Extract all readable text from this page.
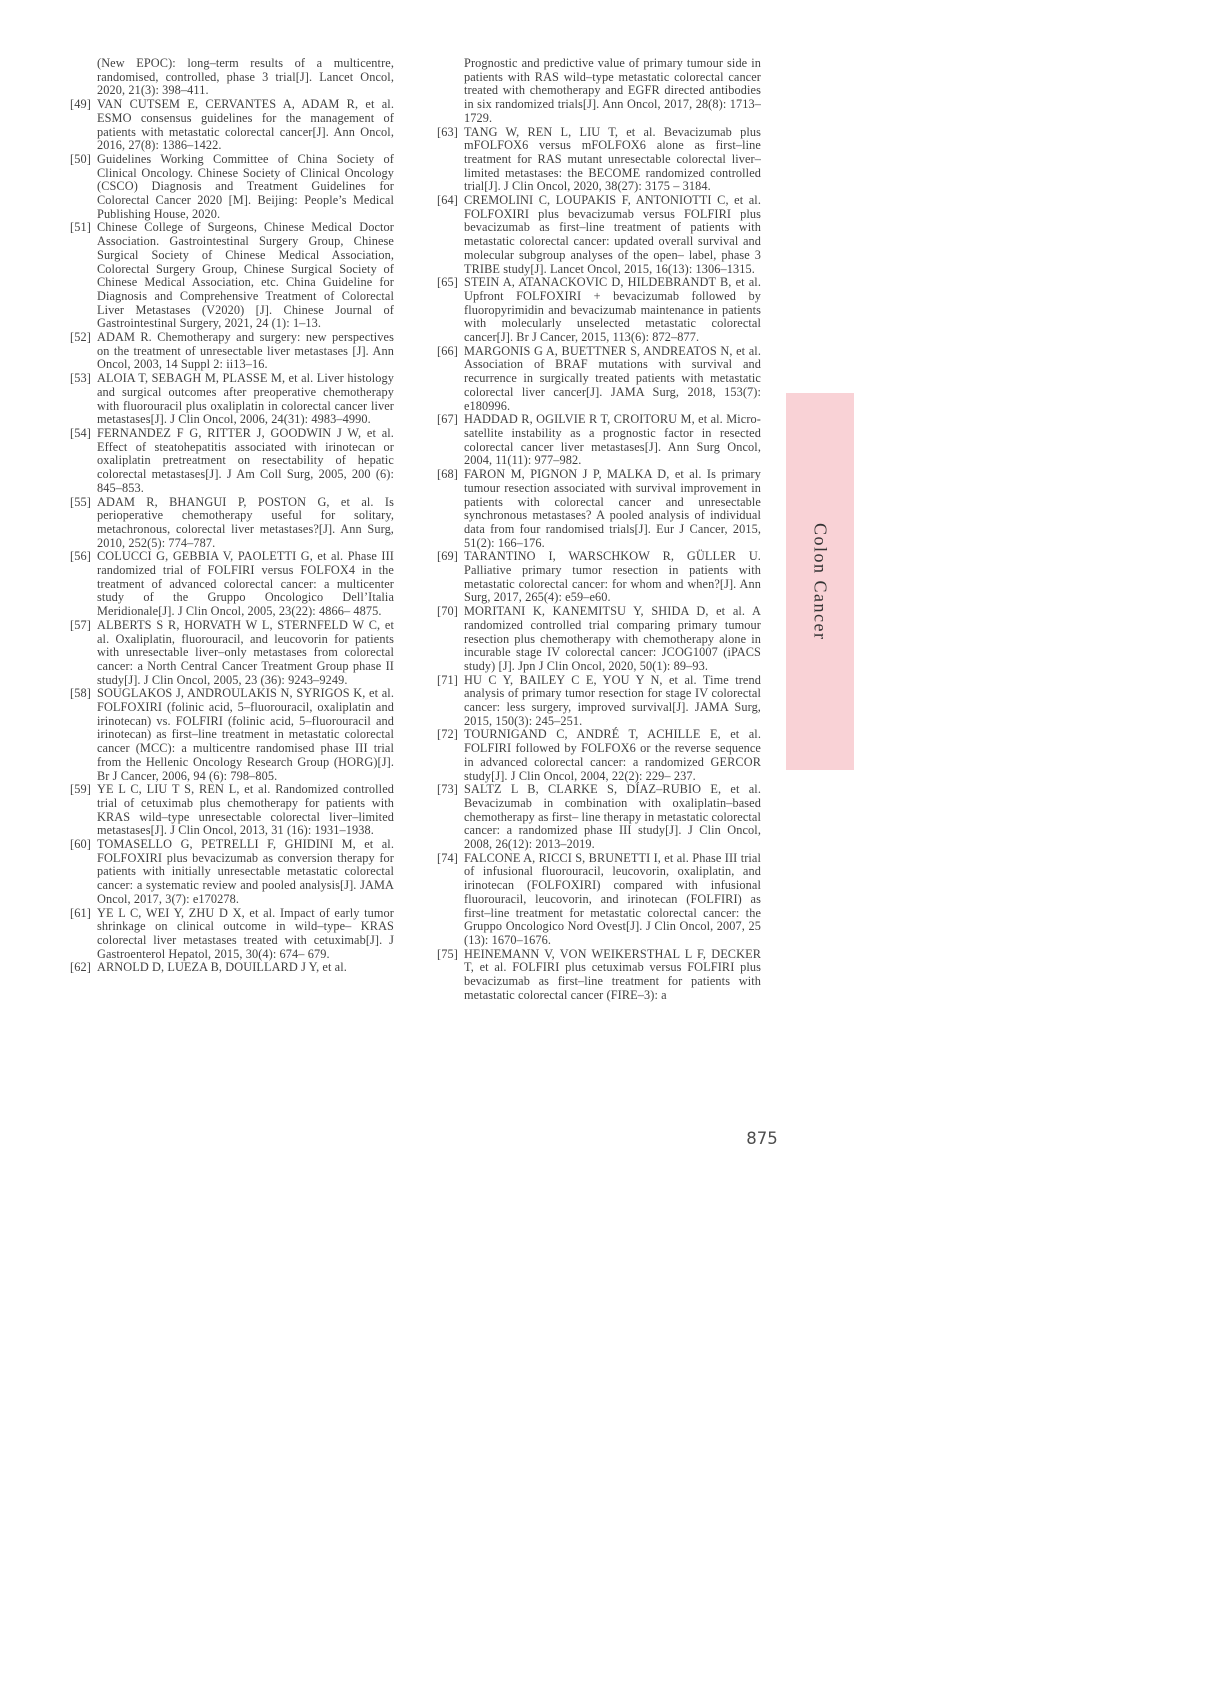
(New EPOC): long–term results of a multicentre, randomised, controlled, phase 3 trial[J]. Lancet Oncol, 2020, 21(3): 398–411.

[49] VAN CUTSEM E, CERVANTES A, ADAM R, et al. ESMO consensus guidelines for the management of patients with metastatic colorectal cancer[J]. Ann Oncol, 2016, 27(8): 1386–1422.

[50] Guidelines Working Committee of China Society of Clinical Oncology. Chinese Society of Clinical Oncology (CSCO) Diagnosis and Treatment Guidelines for Colorectal Cancer 2020 [M]. Beijing: People’s Medical Publishing House, 2020.

[51] Chinese College of Surgeons, Chinese Medical Doctor Association. Gastrointestinal Surgery Group, Chinese Surgical Society of Chinese Medical Association, Colorectal Surgery Group, Chinese Surgical Society of Chinese Medical Association, etc. China Guideline for Diagnosis and Comprehensive Treatment of Colorectal Liver Metastases (V2020) [J]. Chinese Journal of Gastrointestinal Surgery, 2021, 24 (1): 1–13.

[52] ADAM R. Chemotherapy and surgery: new perspectives on the treatment of unresectable liver metastases [J]. Ann Oncol, 2003, 14 Suppl 2: ii13–16.

[53] ALOIA T, SEBAGH M, PLASSE M, et al. Liver histology and surgical outcomes after preoperative chemotherapy with fluorouracil plus oxaliplatin in colorectal cancer liver metastases[J]. J Clin Oncol, 2006, 24(31): 4983–4990.

[54] FERNANDEZ F G, RITTER J, GOODWIN J W, et al. Effect of steatohepatitis associated with irinotecan or oxaliplatin pretreatment on resectability of hepatic colorectal metastases[J]. J Am Coll Surg, 2005, 200 (6): 845–853.

[55] ADAM R, BHANGUI P, POSTON G, et al. Is perioperative chemotherapy useful for solitary, metachronous, colorectal liver metastases?[J]. Ann Surg, 2010, 252(5): 774–787.

[56] COLUCCI G, GEBBIA V, PAOLETTI G, et al. Phase III randomized trial of FOLFIRI versus FOLFOX4 in the treatment of advanced colorectal cancer: a multicenter study of the Gruppo Oncologico Dell’Italia Meridionale[J]. J Clin Oncol, 2005, 23(22): 4866– 4875.

[57] ALBERTS S R, HORVATH W L, STERNFELD W C, et al. Oxaliplatin, fluorouracil, and leucovorin for patients with unresectable liver–only metastases from colorectal cancer: a North Central Cancer Treatment Group phase II study[J]. J Clin Oncol, 2005, 23 (36): 9243–9249.

[58] SOUGLAKOS J, ANDROULAKIS N, SYRIGOS K, et al. FOLFOXIRI (folinic acid, 5–fluorouracil, oxaliplatin and irinotecan) vs. FOLFIRI (folinic acid, 5–fluorouracil and irinotecan) as first–line treatment in metastatic colorectal cancer (MCC): a multicentre randomised phase III trial from the Hellenic Oncology Research Group (HORG)[J]. Br J Cancer, 2006, 94 (6): 798–805.

[59] YE L C, LIU T S, REN L, et al. Randomized controlled trial of cetuximab plus chemotherapy for patients with KRAS wild–type unresectable colorectal liver–limited metastases[J]. J Clin Oncol, 2013, 31 (16): 1931–1938.

[60] TOMASELLO G, PETRELLI F, GHIDINI M, et al. FOLFOXIRI plus bevacizumab as conversion therapy for patients with initially unresectable metastatic colorectal cancer: a systematic review and pooled analysis[J]. JAMA Oncol, 2017, 3(7): e170278.

[61] YE L C, WEI Y, ZHU D X, et al. Impact of early tumor shrinkage on clinical outcome in wild–type– KRAS colorectal liver metastases treated with cetuximab[J]. J Gastroenterol Hepatol, 2015, 30(4): 674– 679.

[62] ARNOLD D, LUEZA B, DOUILLARD J Y, et al.

Prognostic and predictive value of primary tumour side in patients with RAS wild–type metastatic colorectal cancer treated with chemotherapy and EGFR directed antibodies in six randomized trials[J]. Ann Oncol, 2017, 28(8): 1713–1729.

[63] TANG W, REN L, LIU T, et al. Bevacizumab plus mFOLFOX6 versus mFOLFOX6 alone as first–line treatment for RAS mutant unresectable colorectal liver–limited metastases: the BECOME randomized controlled trial[J]. J Clin Oncol, 2020, 38(27): 3175 – 3184.

[64] CREMOLINI C, LOUPAKIS F, ANTONIOTTI C, et al. FOLFOXIRI plus bevacizumab versus FOLFIRI plus bevacizumab as first–line treatment of patients with metastatic colorectal cancer: updated overall survival and molecular subgroup analyses of the open– label, phase 3 TRIBE study[J]. Lancet Oncol, 2015, 16(13): 1306–1315.

[65] STEIN A, ATANACKOVIC D, HILDEBRANDT B, et al. Upfront FOLFOXIRI + bevacizumab followed by fluoropyrimidin and bevacizumab maintenance in patients with molecularly unselected metastatic colorectal cancer[J]. Br J Cancer, 2015, 113(6): 872–877.

[66] MARGONIS G A, BUETTNER S, ANDREATOS N, et al. Association of BRAF mutations with survival and recurrence in surgically treated patients with metastatic colorectal liver cancer[J]. JAMA Surg, 2018, 153(7): e180996.

[67] HADDAD R, OGILVIE R T, CROITORU M, et al. Micro- satellite instability as a prognostic factor in resected colorectal cancer liver metastases[J]. Ann Surg Oncol, 2004, 11(11): 977–982.

[68] FARON M, PIGNON J P, MALKA D, et al. Is primary tumour resection associated with survival improvement in patients with colorectal cancer and unresectable synchronous metastases? A pooled analysis of individual data from four randomised trials[J]. Eur J Cancer, 2015, 51(2): 166–176.

[69] TARANTINO I, WARSCHKOW R, GÜLLER U. Palliative primary tumor resection in patients with metastatic colorectal cancer: for whom and when?[J]. Ann Surg, 2017, 265(4): e59–e60.

[70] MORITANI K, KANEMITSU Y, SHIDA D, et al. A randomized controlled trial comparing primary tumour resection plus chemotherapy with chemotherapy alone in incurable stage IV colorectal cancer: JCOG1007 (iPACS study) [J]. Jpn J Clin Oncol, 2020, 50(1): 89–93.

[71] HU C Y, BAILEY C E, YOU Y N, et al. Time trend analysis of primary tumor resection for stage IV colorectal cancer: less surgery, improved survival[J]. JAMA Surg, 2015, 150(3): 245–251.

[72] TOURNIGAND C, ANDRÉ T, ACHILLE E, et al. FOLFIRI followed by FOLFOX6 or the reverse sequence in advanced colorectal cancer: a randomized GERCOR study[J]. J Clin Oncol, 2004, 22(2): 229– 237.

[73] SALTZ L B, CLARKE S, DÍAZ–RUBIO E, et al. Bevacizumab in combination with oxaliplatin–based chemotherapy as first– line therapy in metastatic colorectal cancer: a randomized phase III study[J]. J Clin Oncol, 2008, 26(12): 2013–2019.

[74] FALCONE A, RICCI S, BRUNETTI I, et al. Phase III trial of infusional fluorouracil, leucovorin, oxaliplatin, and irinotecan (FOLFOXIRI) compared with infusional fluorouracil, leucovorin, and irinotecan (FOLFIRI) as first–line treatment for metastatic colorectal cancer: the Gruppo Oncologico Nord Ovest[J]. J Clin Oncol, 2007, 25 (13): 1670–1676.

[75] HEINEMANN V, VON WEIKERSTHAL L F, DECKER T, et al. FOLFIRI plus cetuximab versus FOLFIRI plus bevacizumab as first–line treatment for patients with metastatic colorectal cancer (FIRE–3): a

Colon Cancer
875
